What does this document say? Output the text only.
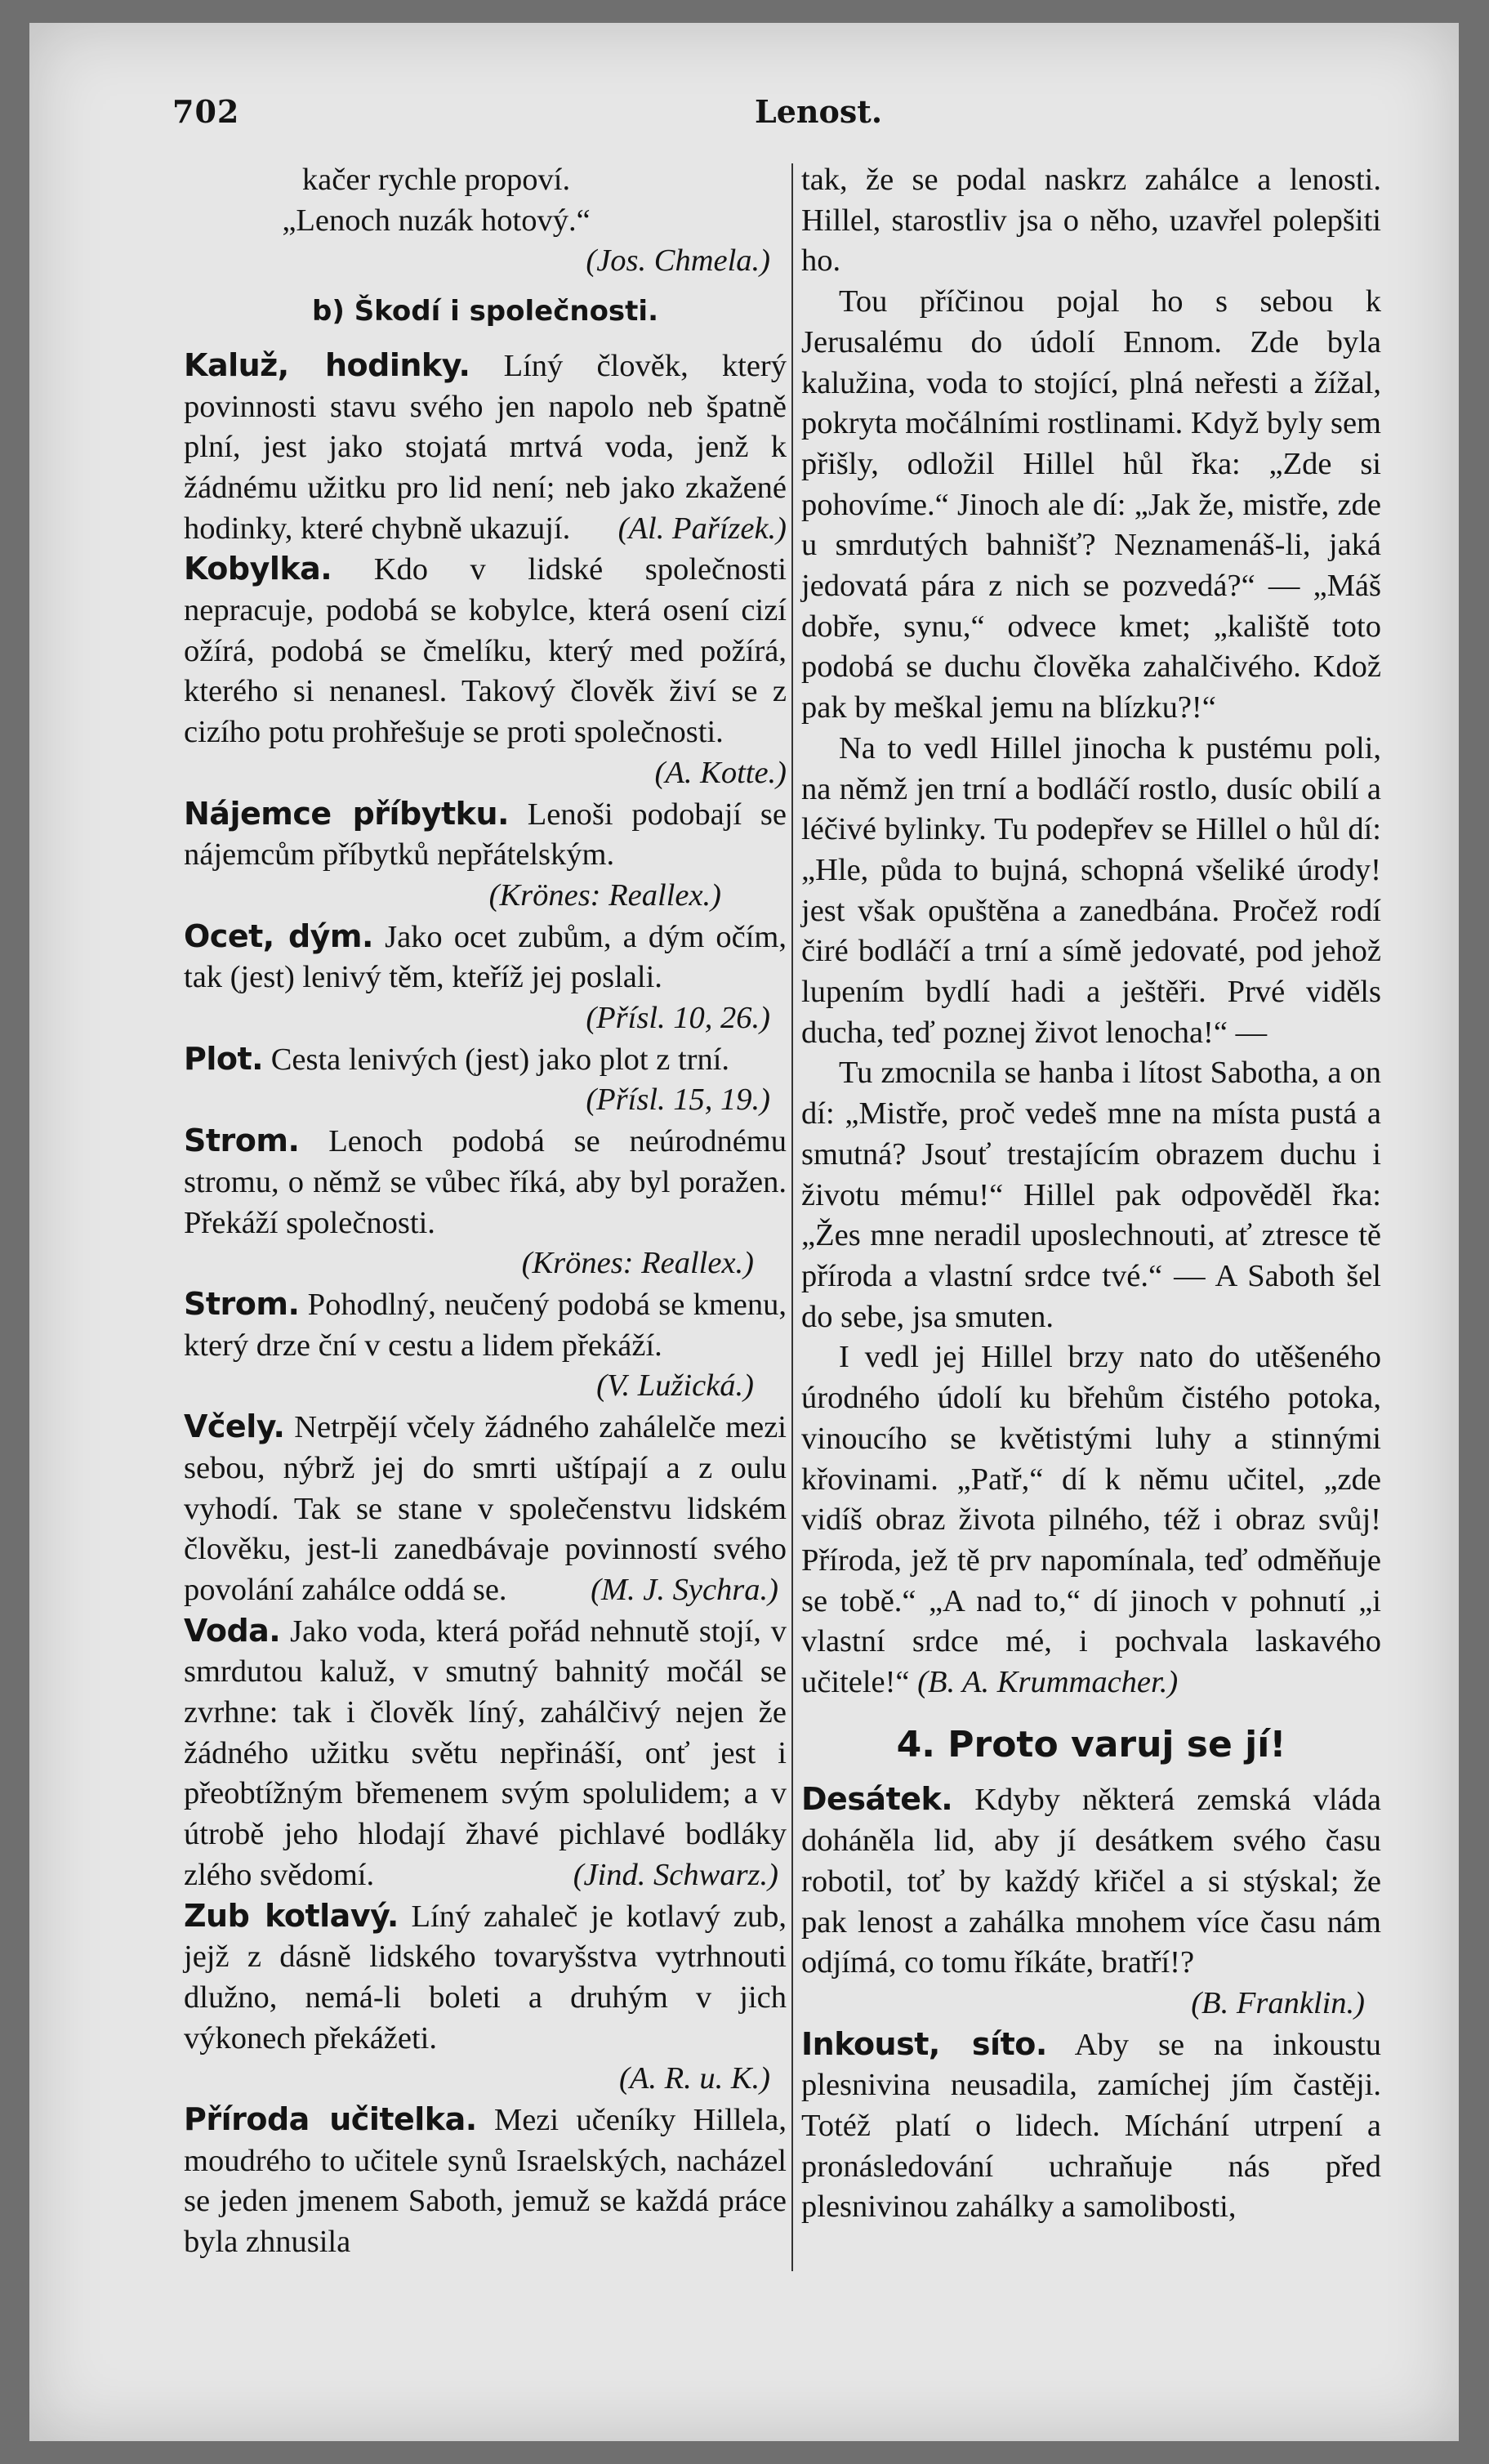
702	Lenost.

kačer rychle propoví.

„Lenoch nuzák hotový.“

(Jos. Chmela.)

b) Škodí i společnosti.

Kaluž, hodinky. Líný člověk, který povinnosti stavu svého jen napolo neb špatně plní, jest jako stojatá mrtvá voda, jenž k žádnému užitku pro lid není; neb jako zkažené hodinky, které chybně ukazují. (Al. Pařízek.)

Kobylka. Kdo v lidské společnosti nepracuje, podobá se kobylce, která osení cizí ožírá, podobá se čmelíku, který med požírá, kterého si nenanesl. Takový člověk živí se z cizího potu prohřešuje se proti společnosti.
(A. Kotte.)

Nájemce příbytku. Lenoši podobají se nájemcům příbytků nepřátelským.

(Krönes: Reallex.)

Ocet, dým. Jako ocet zubům, a dým očím, tak (jest) lenivý těm, kteříž jej poslali.
(Přísl. 10, 26.)

Plot. Cesta lenivých (jest) jako plot z trní.
(Přísl. 15, 19.)

Strom. Lenoch podobá se neúrodnému stromu, o němž se vůbec říká, aby byl poražen. Překáží společnosti.

(Krönes: Reallex.)

Strom. Pohodlný, neučený podobá se kmenu, který drze ční v cestu a lidem překáží.
(V. Lužická.)

Včely. Netrpějí včely žádného zahálelče mezi sebou, nýbrž jej do smrti uštípají a z oulu vyhodí. Tak se stane v společenstvu lidském člověku, jest-li zanedbávaje povinností svého povolání zahálce oddá se.	(M. J. Sychra.)

Voda. Jako voda, která pořád nehnutě stojí, v smrdutou kaluž, v smutný bahnitý močál se zvrhne: tak i člověk líný, zahálčivý nejen že žádného užitku světu nepřináší, onť jest i přeobtížným břemenem svým spolulidem; a v útrobě jeho hlodají žhavé pichlavé bodláky zlého svědomí.	(Jind. Schwarz.)

Zub kotlavý. Líný zahaleč je kotlavý zub, jejž z dásně lidského tovaryšstva vytrhnouti dlužno, nemá-li boleti a druhým v jich výkonech překážeti.

(A. R. u. K.)

Příroda učitelka. Mezi učeníky Hillela, moudrého to učitele synů Israelských, nacházel se jeden jmenem Saboth, jemuž se každá práce byla zhnusila

tak, že se podal naskrz zahálce a lenosti. Hillel, starostliv jsa o něho, uzavřel polepšiti ho.

Tou příčinou pojal ho s sebou k Jerusalému do údolí Ennom. Zde byla kalužina, voda to stojící, plná neřesti a žížal, pokryta močálními rostlinami. Když byly sem přišly, odložil Hillel hůl řka: „Zde si pohovíme.“ Jinoch ale dí: „Jak že, mistře, zde u smrdutých bahnišť? Neznamenáš-li, jaká jedovatá pára z nich se pozvedá?“ — „Máš dobře, synu,“ odvece kmet; „kaliště toto podobá se duchu člověka zahalčivého. Kdož pak by meškal jemu na blízku?!“

Na to vedl Hillel jinocha k pustému poli, na němž jen trní a bodláčí rostlo, dusíc obilí a léčivé bylinky. Tu podepřev se Hillel o hůl dí: „Hle, půda to bujná, schopná všeliké úrody! jest však opuštěna a zanedbána. Pročež rodí čiré bodláčí a trní a símě jedovaté, pod jehož lupením bydlí hadi a ještěři. Prvé viděls ducha, teď poznej život lenocha!“ —

Tu zmocnila se hanba i lítost Sabotha, a on dí: „Mistře, proč vedeš mne na místa pustá a smutná? Jsouť trestajícím obrazem duchu i životu mému!“ Hillel pak odpověděl řka: „Žes mne neradil uposlechnouti, ať ztresce tě příroda a vlastní srdce tvé.“ — A Saboth šel do sebe, jsa smuten.

I vedl jej Hillel brzy nato do utěšeného úrodného údolí ku břehům čistého potoka, vinoucího se květistými luhy a stinnými křovinami. „Patř,“ dí k němu učitel, „zde vidíš obraz života pilného, též i obraz svůj! Příroda, jež tě prv napomínala, teď odměňuje se tobě.“ „A nad to,“ dí jinoch v pohnutí „i vlastní srdce mé, i pochvala laskavého učitele!“ (B. A. Krummacher.)

4. Proto varuj se jí!

Desátek. Kdyby některá zemská vláda doháněla lid, aby jí desátkem svého času robotil, toť by každý křičel a si stýskal; že pak lenost a zahálka mnohem více času nám odjímá, co tomu říkáte, bratří!?
(B. Franklin.)

Inkoust, síto. Aby se na inkoustu plesnivina neusadila, zamíchej jím častěji. Totéž platí o lidech. Míchání utrpení a pronásledování uchraňuje nás před plesnivinou zahálky a samolibosti,
